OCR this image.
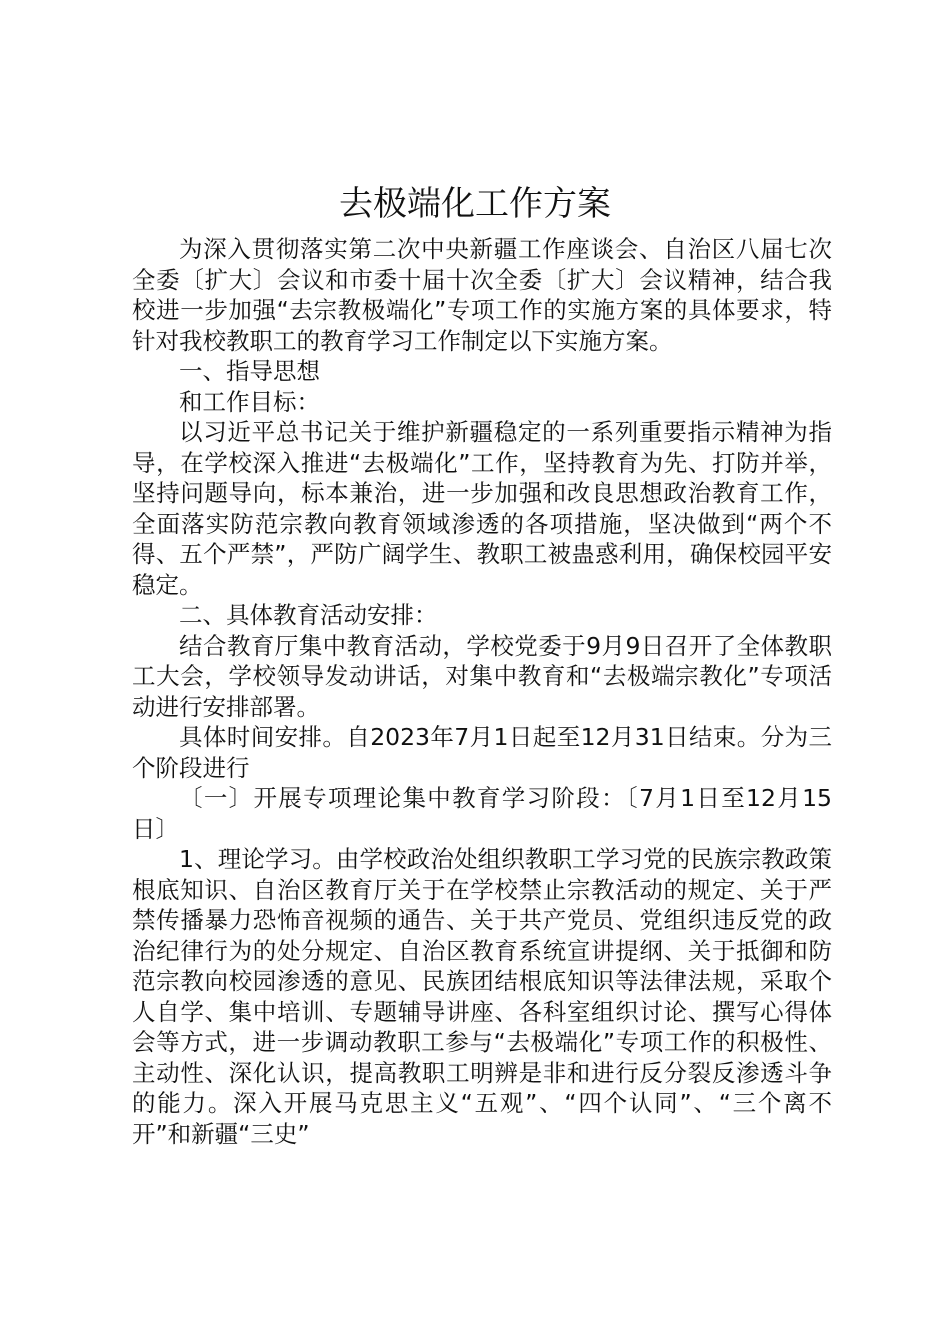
去极端化工作方案

为深入贯彻落实第二次中央新疆工作座谈会、自治区八届七次全委〔扩大〕会议和市委十届十次全委〔扩大〕会议精神，结合我校进一步加强“去宗教极端化”专项工作的实施方案的具体要求，特针对我校教职工的教育学习工作制定以下实施方案。

一、指导思想

和工作目标：

以习近平总书记关于维护新疆稳定的一系列重要指示精神为指导，在学校深入推进“去极端化”工作，坚持教育为先、打防并举，坚持问题导向，标本兼治，进一步加强和改良思想政治教育工作，全面落实防范宗教向教育领域渗透的各项措施，坚决做到“两个不得、五个严禁”，严防广阔学生、教职工被蛊惑利用，确保校园平安稳定。

二、具体教育活动安排：

结合教育厅集中教育活动，学校党委于9月9日召开了全体教职工大会，学校领导发动讲话，对集中教育和“去极端宗教化”专项活动进行安排部署。

具体时间安排。自2023年7月1日起至12月31日结束。分为三个阶段进行

〔一〕开展专项理论集中教育学习阶段：〔7月1日至12月15日〕

1、理论学习。由学校政治处组织教职工学习党的民族宗教政策根底知识、自治区教育厅关于在学校禁止宗教活动的规定、关于严禁传播暴力恐怖音视频的通告、关于共产党员、党组织违反党的政治纪律行为的处分规定、自治区教育系统宣讲提纲、关于抵御和防范宗教向校园渗透的意见、民族团结根底知识等法律法规，采取个人自学、集中培训、专题辅导讲座、各科室组织讨论、撰写心得体会等方式，进一步调动教职工参与“去极端化”专项工作的积极性、主动性、深化认识，提高教职工明辨是非和进行反分裂反渗透斗争的能力。深入开展马克思主义“五观”、“四个认同”、“三个离不开”和新疆“三史”
